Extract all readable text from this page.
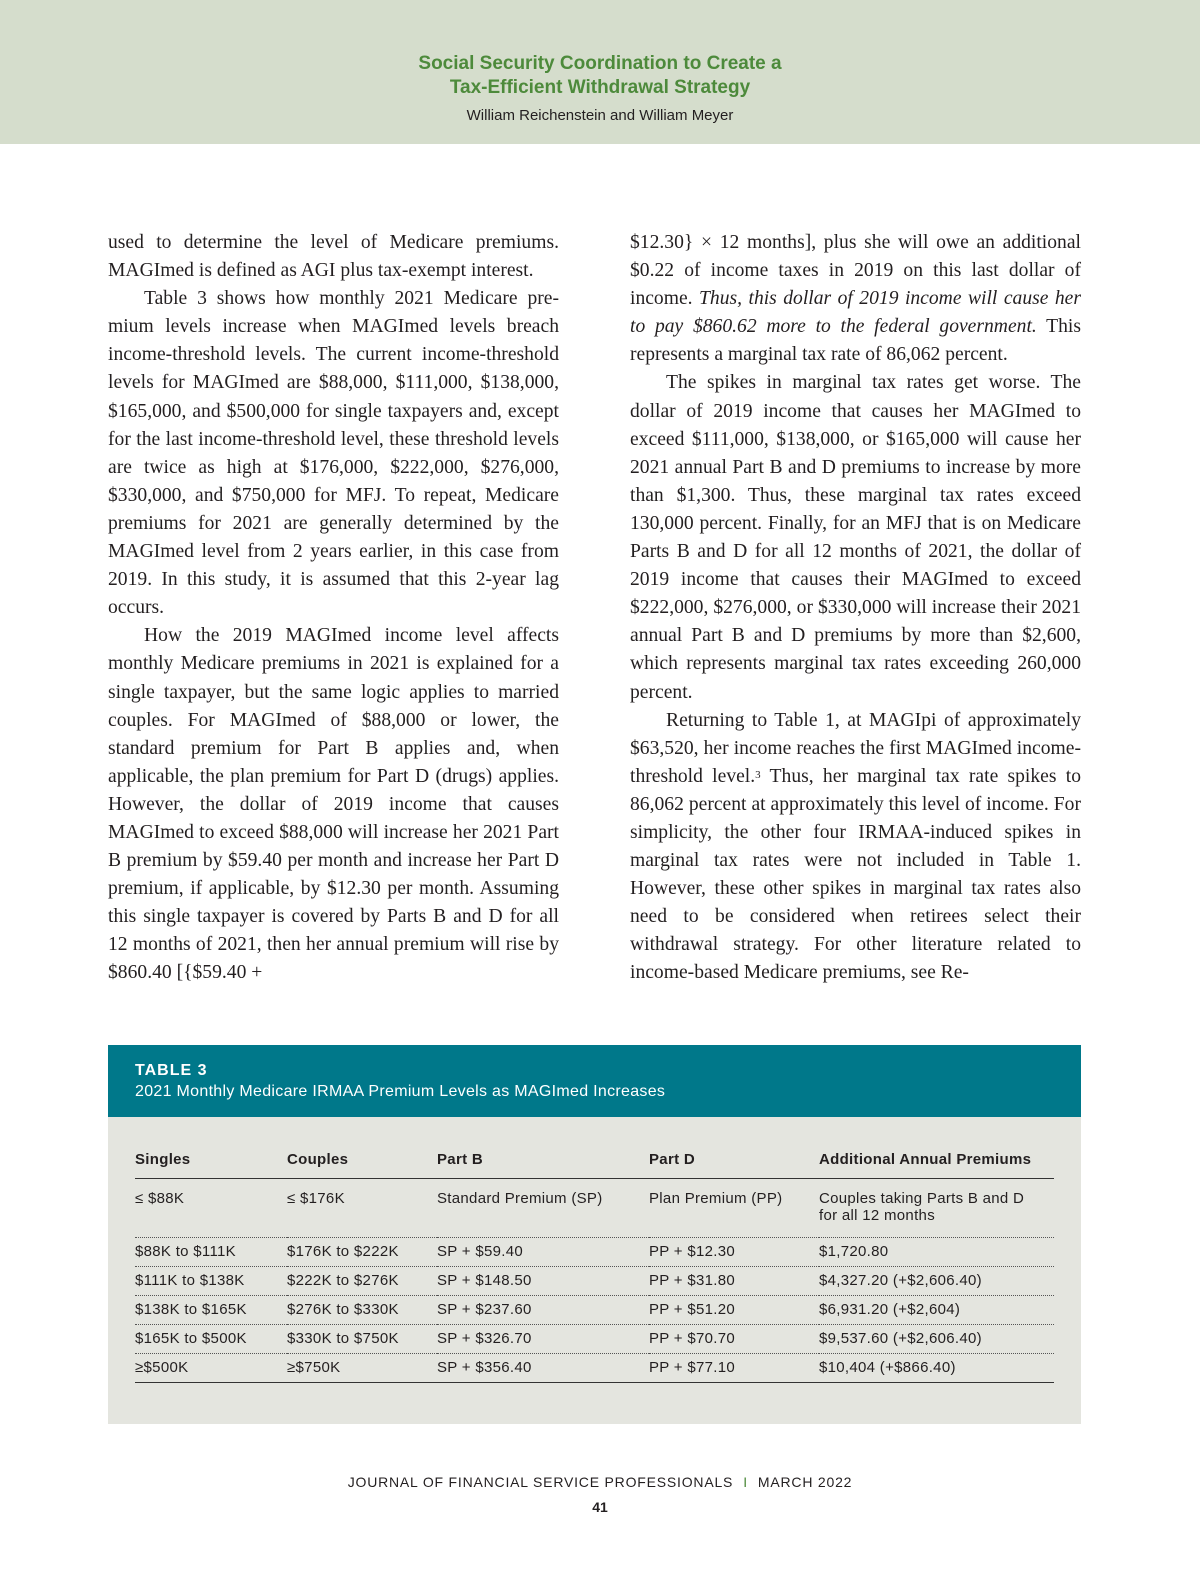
Social Security Coordination to Create a
Tax-Efficient Withdrawal Strategy
William Reichenstein and William Meyer

used to determine the level of Medicare premiums. MAGImed is defined as AGI plus tax-exempt interest.

Table 3 shows how monthly 2021 Medicare premium levels increase when MAGImed levels breach income-threshold levels. The current income-threshold levels for MAGImed are $88,000, $111,000, $138,000, $165,000, and $500,000 for single taxpayers and, except for the last income-threshold level, these threshold levels are twice as high at $176,000, $222,000, $276,000, $330,000, and $750,000 for MFJ. To repeat, Medicare premiums for 2021 are generally determined by the MAGImed level from 2 years earlier, in this case from 2019. In this study, it is assumed that this 2-year lag occurs.

How the 2019 MAGImed income level affects monthly Medicare premiums in 2021 is explained for a single taxpayer, but the same logic applies to married couples. For MAGImed of $88,000 or lower, the standard premium for Part B applies and, when applicable, the plan premium for Part D (drugs) applies. However, the dollar of 2019 income that causes MAGImed to exceed $88,000 will increase her 2021 Part B premium by $59.40 per month and increase her Part D premium, if applicable, by $12.30 per month. Assuming this single taxpayer is covered by Parts B and D for all 12 months of 2021, then her annual premium will rise by $860.40 [{$59.40 +

$12.30} × 12 months], plus she will owe an additional $0.22 of income taxes in 2019 on this last dollar of income. Thus, this dollar of 2019 income will cause her to pay $860.62 more to the federal government. This represents a marginal tax rate of 86,062 percent.

The spikes in marginal tax rates get worse. The dollar of 2019 income that causes her MAGImed to exceed $111,000, $138,000, or $165,000 will cause her 2021 annual Part B and D premiums to increase by more than $1,300. Thus, these marginal tax rates exceed 130,000 percent. Finally, for an MFJ that is on Medicare Parts B and D for all 12 months of 2021, the dollar of 2019 income that causes their MAGImed to exceed $222,000, $276,000, or $330,000 will increase their 2021 annual Part B and D premiums by more than $2,600, which represents marginal tax rates exceeding 260,000 percent.

Returning to Table 1, at MAGIpi of approximately $63,520, her income reaches the first MAGImed income-threshold level.$^3$ Thus, her marginal tax rate spikes to 86,062 percent at approximately this level of income. For simplicity, the other four IRMAA-induced spikes in marginal tax rates were not included in Table 1. However, these other spikes in marginal tax rates also need to be considered when retirees select their withdrawal strategy. For other literature related to income-based Medicare premiums, see Re-

TABLE 3
2021 Monthly Medicare IRMAA Premium Levels as MAGImed Increases
Singles	Couples	Part B	Part D	Additional Annual Premiums
≤ $88K	≤ $176K	Standard Premium (SP)	Plan Premium (PP)	Couples taking Parts B and D
for all 12 months

$88K to $111K	$176K to $222K	SP + $59.40	PP + $12.30	$1,720.80
$111K to $138K	$222K to $276K	SP + $148.50	PP + $31.80	$4,327.20 (+$2,606.40)
$138K to $165K	$276K to $330K	SP + $237.60	PP + $51.20	$6,931.20 (+$2,604)
$165K to $500K	$330K to $750K	SP + $326.70	PP + $70.70	$9,537.60 (+$2,606.40)
≥$500K	≥$750K	SP + $356.40	PP + $77.10	$10,404 (+$866.40)
JOURNAL OF FINANCIAL SERVICE PROFESSIONALS I MARCH 2022
41
